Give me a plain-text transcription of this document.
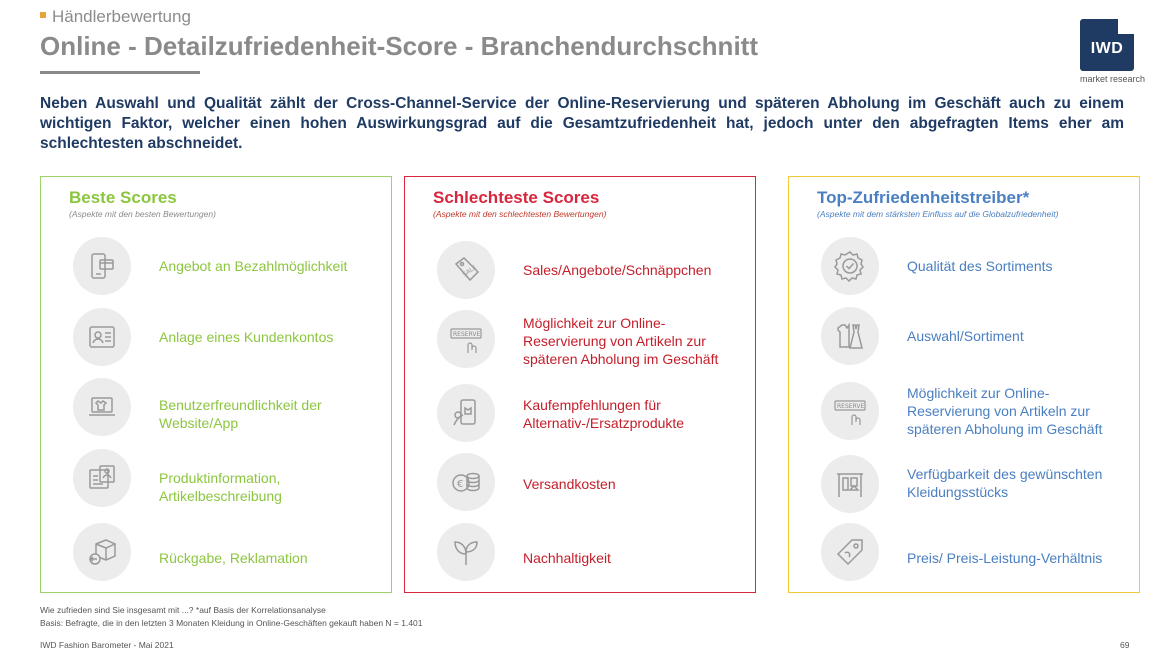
Händlerbewertung
Online - Detailzufriedenheit-Score - Branchendurchschnitt	IWD
market research
Neben Auswahl und Qualität zählt der Cross-Channel-Service der Online-Reservierung und späteren Abholung im Geschäft auch zu einem wichtigen Faktor, welcher einen hohen Auswirkungsgrad auf die Gesamtzufriedenheit hat, jedoch unter den abgefragten Items eher am schlechtesten abschneidet.
Beste Scores
(Aspekte mit den besten Bewertungen)
Angebot an Bezahlmöglichkeit
Anlage eines Kundenkontos
Benutzerfreundlichkeit der
Website/App
Produktinformation,
Artikelbeschreibung
Rückgabe, Reklamation
Schlechteste Scores
(Aspekte mit den schlechtesten Bewertungen)
SALE	Sales/Angebote/Schnäppchen
RESERVE
Möglichkeit zur Online-
Reservierung von Artikeln zur
späteren Abholung im Geschäft
Kaufempfehlungen für
Alternativ-/Ersatzprodukte
€	Versandkosten
Nachhaltigkeit
Top-Zufriedenheitstreiber*
(Aspekte mit dem stärksten Einfluss auf die Globalzufriedenheit)
Qualität des Sortiments
Auswahl/Sortiment
RESERVE
Möglichkeit zur Online-
Reservierung von Artikeln zur
späteren Abholung im Geschäft
Verfügbarkeit des gewünschten
Kleidungsstücks
Preis/ Preis-Leistung-Verhältnis
Wie zufrieden sind Sie insgesamt mit ...? *auf Basis der Korrelationsanalyse
Basis: Befragte, die in den letzten 3 Monaten Kleidung in Online-Geschäften gekauft haben N = 1.401
IWD Fashion Barometer - Mai 2021	69
